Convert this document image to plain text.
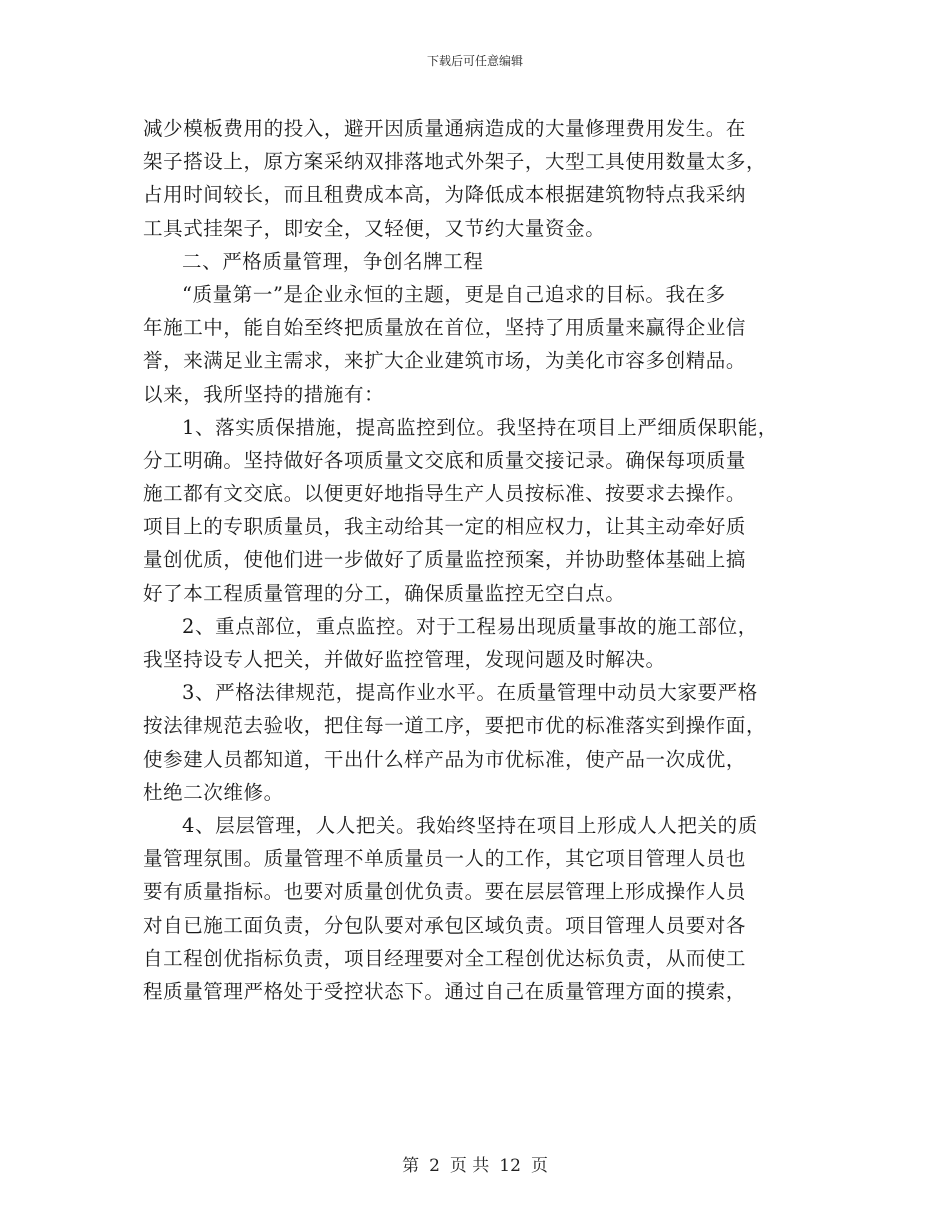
下载后可任意编辑
减少模板费用的投入，避开因质量通病造成的大量修理费用发生。在
架子搭设上，原方案采纳双排落地式外架子，大型工具使用数量太多，
占用时间较长，而且租费成本高，为降低成本根据建筑物特点我采纳
工具式挂架子，即安全，又轻便，又节约大量资金。
二、严格质量管理，争创名牌工程
“质量第一”是企业永恒的主题，更是自己追求的目标。我在多
年施工中，能自始至终把质量放在首位，坚持了用质量来赢得企业信
誉，来满足业主需求，来扩大企业建筑市场，为美化市容多创精品。
以来，我所坚持的措施有：
1、落实质保措施，提高监控到位。我坚持在项目上严细质保职能，
分工明确。坚持做好各项质量文交底和质量交接记录。确保每项质量
施工都有文交底。以便更好地指导生产人员按标准、按要求去操作。
项目上的专职质量员，我主动给其一定的相应权力，让其主动牵好质
量创优质，使他们进一步做好了质量监控预案，并协助整体基础上搞
好了本工程质量管理的分工，确保质量监控无空白点。
2、重点部位，重点监控。对于工程易出现质量事故的施工部位，
我坚持设专人把关，并做好监控管理，发现问题及时解决。
3、严格法律规范，提高作业水平。在质量管理中动员大家要严格
按法律规范去验收，把住每一道工序，要把市优的标准落实到操作面，
使参建人员都知道，干出什么样产品为市优标准，使产品一次成优，
杜绝二次维修。
4、层层管理，人人把关。我始终坚持在项目上形成人人把关的质
量管理氛围。质量管理不单质量员一人的工作，其它项目管理人员也
要有质量指标。也要对质量创优负责。要在层层管理上形成操作人员
对自已施工面负责，分包队要对承包区域负责。项目管理人员要对各
自工程创优指标负责，项目经理要对全工程创优达标负责，从而使工
程质量管理严格处于受控状态下。通过自己在质量管理方面的摸索，
第 2 页 共 12 页
